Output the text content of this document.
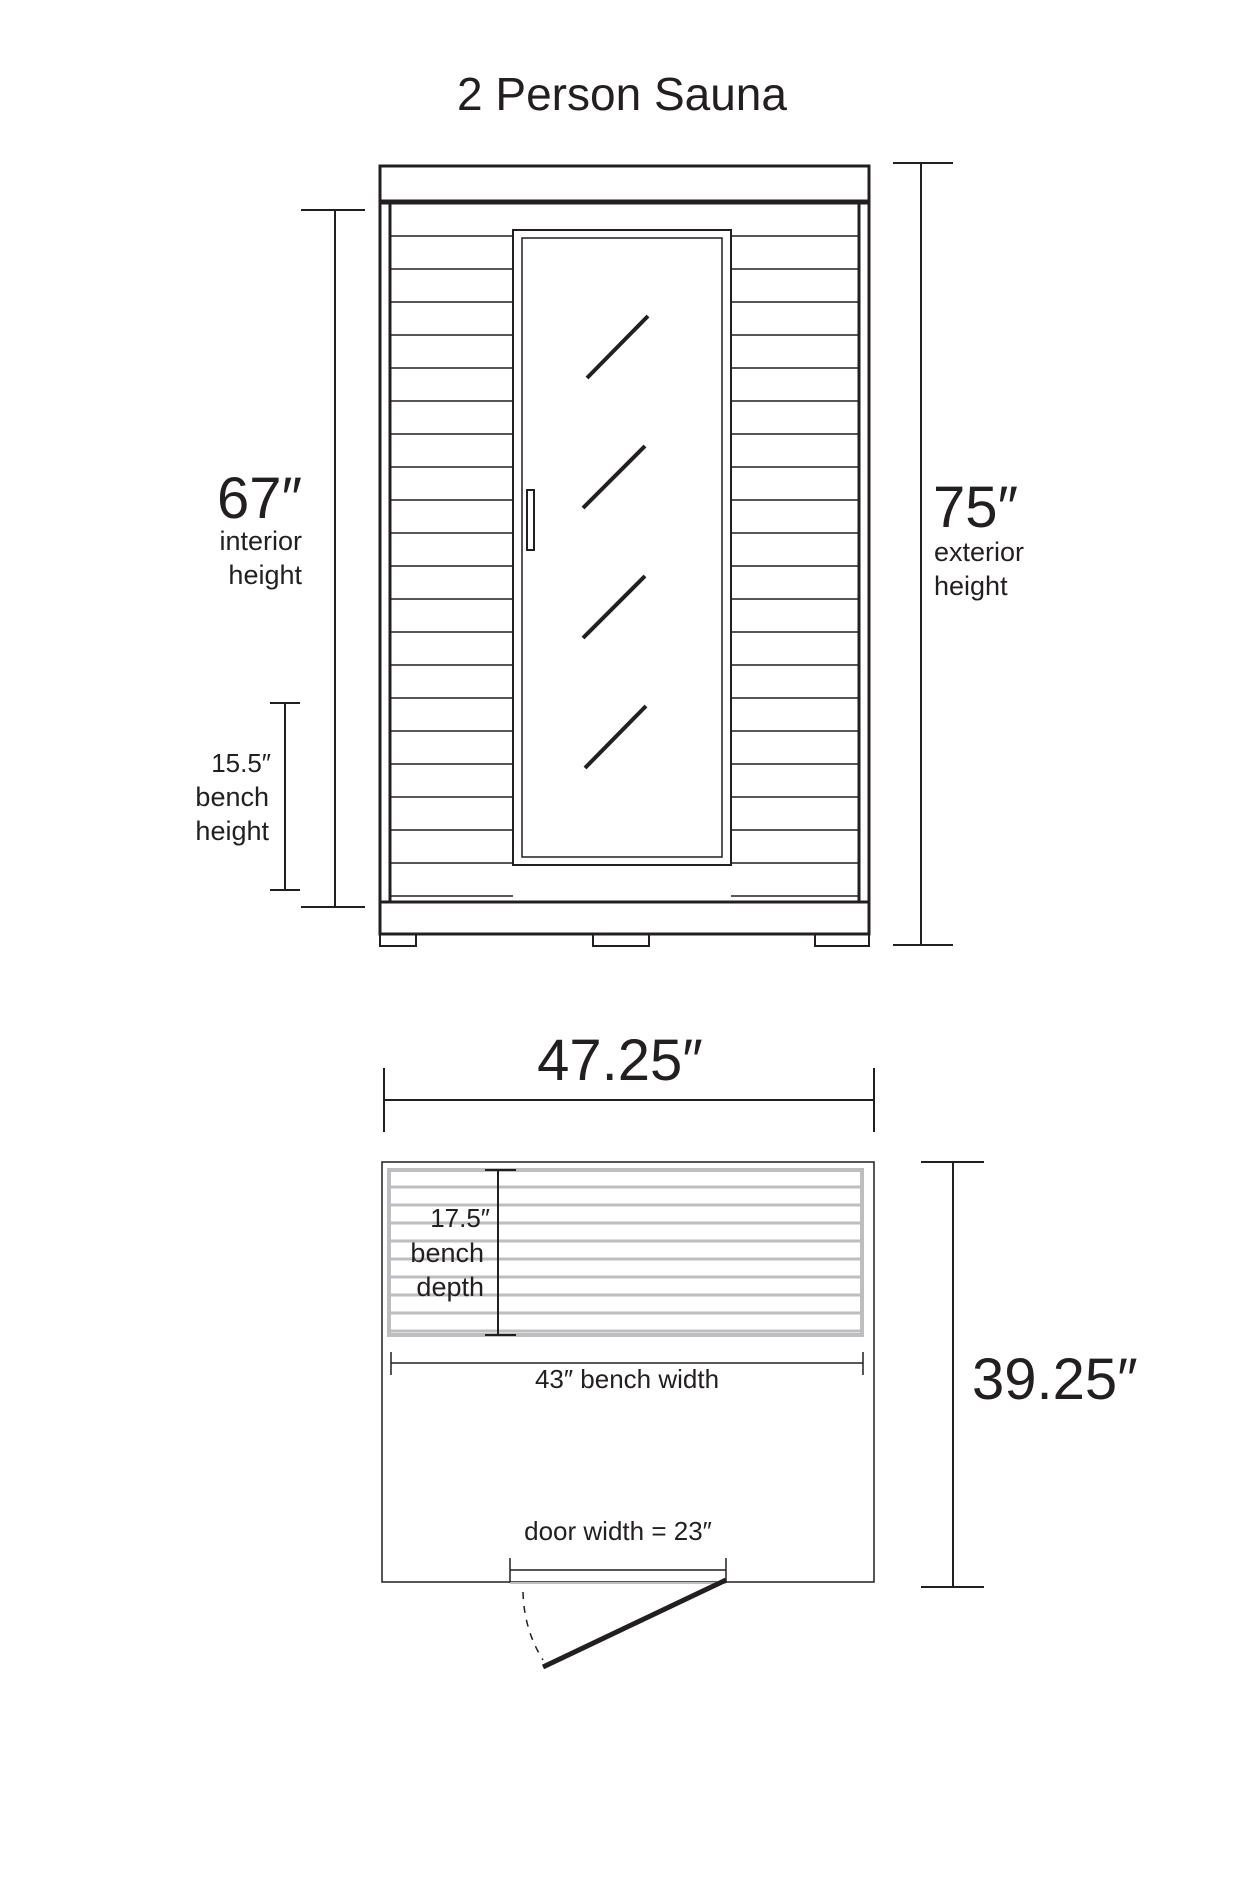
2 Person Sauna
67″
interior
height
15.5″
bench
height
75″
exterior
height
47.25″
39.25″
17.5″
bench
depth
43″ bench width
door width = 23″
